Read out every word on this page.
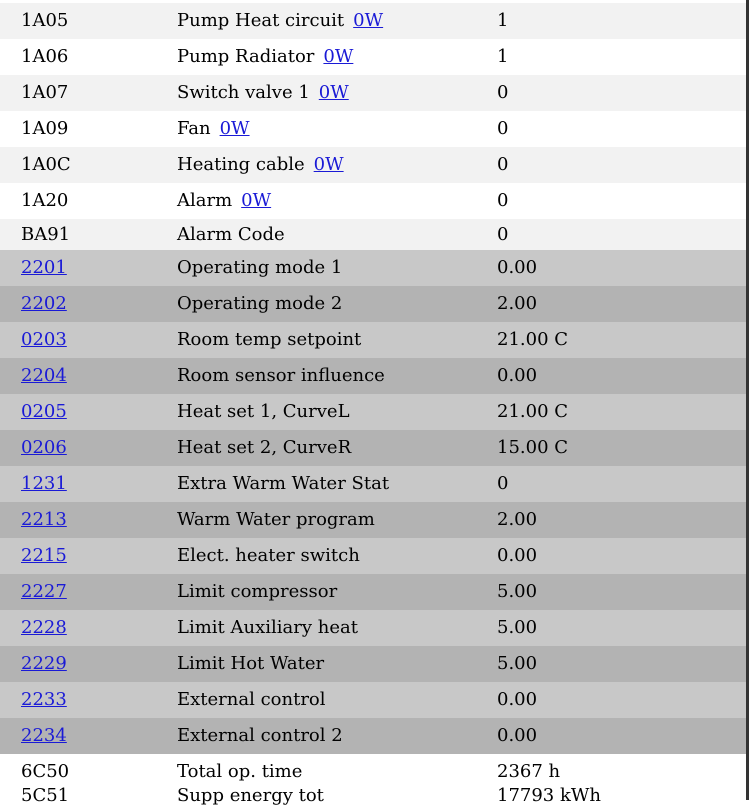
1A05	Pump Heat circuit 0W	1
1A06	Pump Radiator 0W	1
1A07	Switch valve 1 0W	0
1A09	Fan 0W	0
1A0C	Heating cable 0W	0
1A20	Alarm 0W	0
BA91	Alarm Code	0
2201	Operating mode 1	0.00
2202	Operating mode 2	2.00
0203	Room temp setpoint	21.00 C
2204	Room sensor influence	0.00
0205	Heat set 1, CurveL	21.00 C
0206	Heat set 2, CurveR	15.00 C
1231	Extra Warm Water Stat	0
2213	Warm Water program	2.00
2215	Elect. heater switch	0.00
2227	Limit compressor	5.00
2228	Limit Auxiliary heat	5.00
2229	Limit Hot Water	5.00
2233	External control	0.00
2234	External control 2	0.00
6C50	Total op. time	2367 h
5C51	Supp energy tot	17793 kWh
